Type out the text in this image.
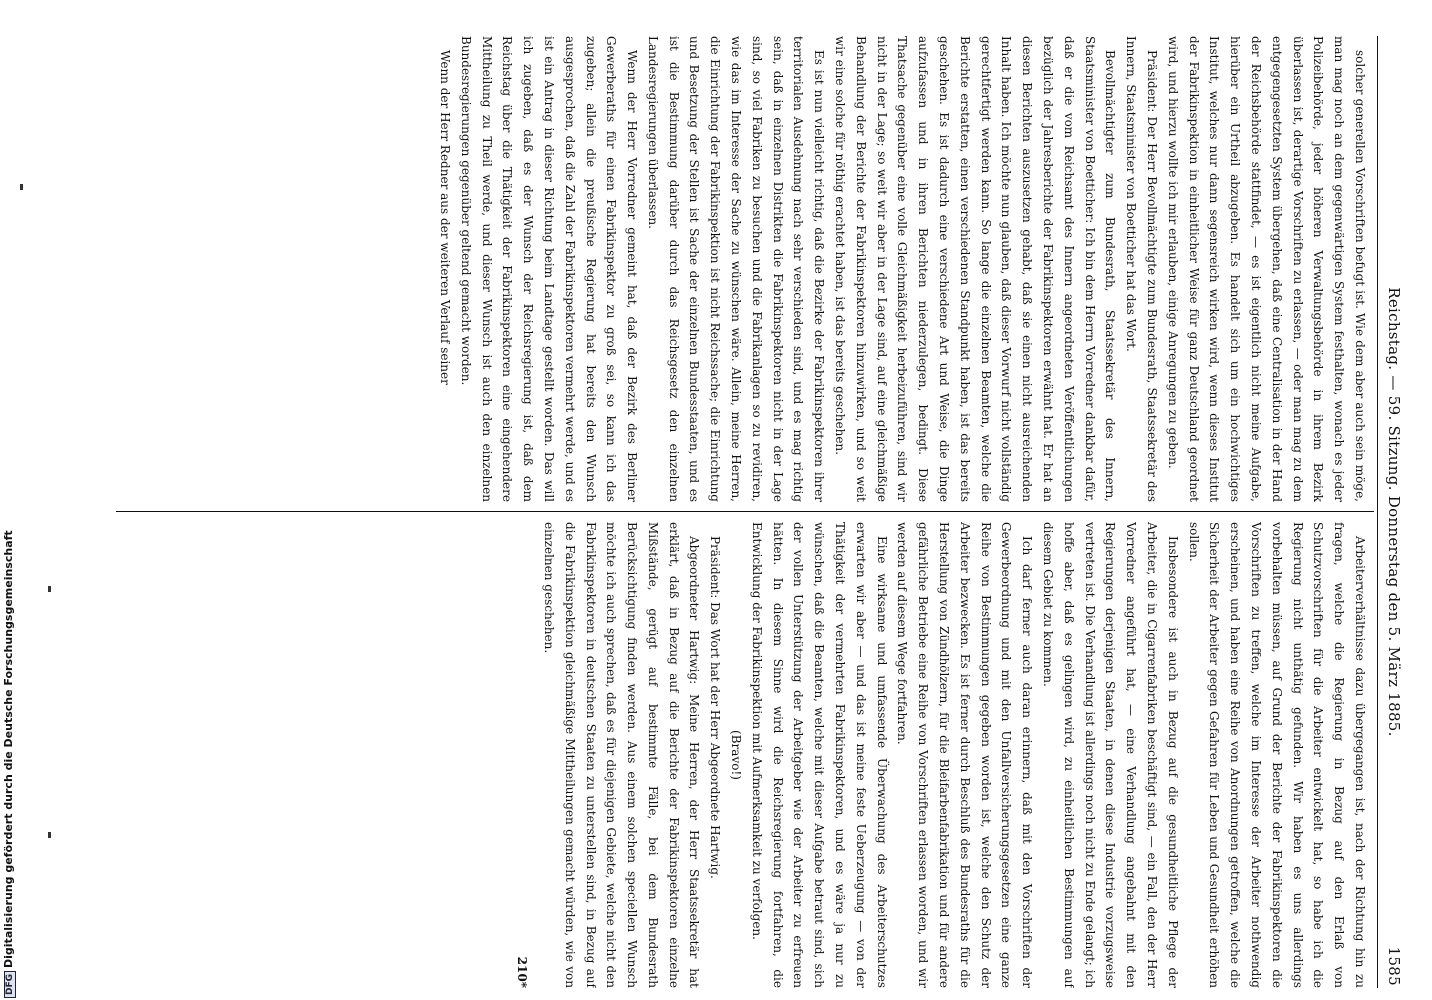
Reichstag. — 59. Sitzung. Donnerstag den 5. März 1885.
1585

solcher generellen Vorschriften befugt ist. Wie dem aber auch sein möge, man mag noch an dem gegenwärtigen System festhalten, wonach es jeder Polizeibehörde, jeder höheren Verwaltungsbehörde in ihrem Bezirk überlassen ist, derartige Vorschriften zu erlassen, — oder man mag zu dem entgegengesetzten System übergehen, daß eine Centralisation in der Hand der Reichsbehörde stattfindet, — es ist eigentlich nicht meine Aufgabe, hierüber ein Urtheil abzugeben. Es handelt sich um ein hochwichtiges Institut, welches nur dann segensreich wirken wird, wenn dieses Institut der Fabrikinspektion in einheitlicher Weise für ganz Deutschland geordnet wird, und hierzu wollte ich mir erlauben, einige Anregungen zu geben.

Präsident: Der Herr Bevollmächtigte zum Bundesrath, Staatssekretär des Innern, Staatsminister von Boetticher hat das Wort.

Bevollmächtigter zum Bundesrath, Staatssekretär des Innern, Staatsminister von Boetticher: Ich bin dem Herrn Vorredner dankbar dafür, daß er die vom Reichsamt des Innern angeordneten Veröffentlichungen bezüglich der Jahresberichte der Fabrikinspektoren erwähnt hat. Er hat an diesen Berichten auszusetzen gehabt, daß sie einen nicht ausreichenden Inhalt haben. Ich möchte nun glauben, daß dieser Vorwurf nicht vollständig gerechtfertigt werden kann. So lange die einzelnen Beamten, welche die Berichte erstatten, einen verschiedenen Standpunkt haben, ist das bereits geschehen. Es ist dadurch eine verschiedene Art und Weise, die Dinge aufzufassen und in ihren Berichten niederzulegen, bedingt. Diese Thatsache gegenüber eine volle Gleichmäßigkeit herbeizuführen, sind wir nicht in der Lage; so weit wir aber in der Lage sind, auf eine gleichmäßige Behandlung der Berichte der Fabrikinspektoren hinzuwirken, und so weit wir eine solche für nöthig erachtet haben, ist das bereits geschehen.

Es ist nun vielleicht richtig, daß die Bezirke der Fabrikinspektoren ihrer territorialen Ausdehnung nach sehr verschieden sind, und es mag richtig sein, daß in einzelnen Distrikten die Fabrikinspektoren nicht in der Lage sind, so viel Fabriken zu besuchen und die Fabrikanlagen so zu revidiren, wie das im Interesse der Sache zu wünschen wäre. Allein, meine Herren, die Einrichtung der Fabrikinspektion ist nicht Reichssache; die Einrichtung und Besetzung der Stellen ist Sache der einzelnen Bundesstaaten, und es ist die Bestimmung darüber durch das Reichsgesetz den einzelnen Landesregierungen überlassen.

Wenn der Herr Vorredner gemeint hat, daß der Bezirk des Berliner Gewerberaths für einen Fabrikinspektor zu groß sei, so kann ich das zugeben; allein die preußische Regierung hat bereits den Wunsch ausgesprochen, daß die Zahl der Fabrikinspektoren vermehrt werde, und es ist ein Antrag in dieser Richtung beim Landtage gestellt worden. Das will ich zugeben, daß es der Wunsch der Reichsregierung ist, daß dem Reichstag über die Thätigkeit der Fabrikinspektoren eine eingehendere Mittheilung zu Theil werde, und dieser Wunsch ist auch den einzelnen Bundesregierungen gegenüber geltend gemacht worden.

Wenn der Herr Redner aus der weiteren Verlauf seiner

Arbeiterverhältnisse dazu übergegangen ist, nach der Richtung hin zu fragen, welche die Regierung in Bezug auf den Erlaß von Schutzvorschriften für die Arbeiter entwickelt hat, so habe ich die Regierung nicht unthätig gefunden. Wir haben es uns allerdings vorbehalten müssen, auf Grund der Berichte der Fabrikinspektoren die Vorschriften zu treffen, welche im Interesse der Arbeiter nothwendig erscheinen, und haben eine Reihe von Anordnungen getroffen, welche die Sicherheit der Arbeiter gegen Gefahren für Leben und Gesundheit erhöhen sollen.

Insbesondere ist auch in Bezug auf die gesundheitliche Pflege der Arbeiter, die in Cigarrenfabriken beschäftigt sind, — ein Fall, den der Herr Vorredner angeführt hat, — eine Verhandlung angebahnt mit den Regierungen derjenigen Staaten, in denen diese Industrie vorzugsweise vertreten ist. Die Verhandlung ist allerdings noch nicht zu Ende gelangt; ich hoffe aber, daß es gelingen wird, zu einheitlichen Bestimmungen auf diesem Gebiet zu kommen.

Ich darf ferner auch daran erinnern, daß mit den Vorschriften der Gewerbeordnung und mit den Unfallversicherungsgesetzen eine ganze Reihe von Bestimmungen gegeben worden ist, welche den Schutz der Arbeiter bezwecken. Es ist ferner durch Beschluß des Bundesraths für die Herstellung von Zündhölzern, für die Bleifarbenfabrikation und für andere gefährliche Betriebe eine Reihe von Vorschriften erlassen worden, und wir werden auf diesem Wege fortfahren.

Eine wirksame und umfassende Überwachung des Arbeiterschutzes erwarten wir aber — und das ist meine feste Ueberzeugung — von der Thätigkeit der vermehrten Fabrikinspektoren, und es wäre ja nur zu wünschen, daß die Beamten, welche mit dieser Aufgabe betraut sind, sich der vollen Unterstützung der Arbeitgeber wie der Arbeiter zu erfreuen hätten. In diesem Sinne wird die Reichsregierung fortfahren, die Entwicklung der Fabrikinspektion mit Aufmerksamkeit zu verfolgen.

(Bravo!)

Präsident: Das Wort hat der Herr Abgeordnete Hartwig.

Abgeordneter Hartwig: Meine Herren, der Herr Staatssekretär hat erklärt, daß in Bezug auf die Berichte der Fabrikinspektoren einzelne Mißstände, gerügt auf bestimmte Fälle, bei dem Bundesrath Berücksichtigung finden werden. Aus einem solchen speciellen Wunsch möchte ich auch sprechen, daß es für diejenigen Gebiete, welche nicht den Fabrikinspektoren in deutschen Staaten zu unterstellen sind, in Bezug auf die Fabrikinspektion gleichmäßige Mittheilungen gemacht würden, wie von einzelnen geschehen.

210*

DFGDigitalisierung gefördert durch die Deutsche Forschungsgemeinschaft
